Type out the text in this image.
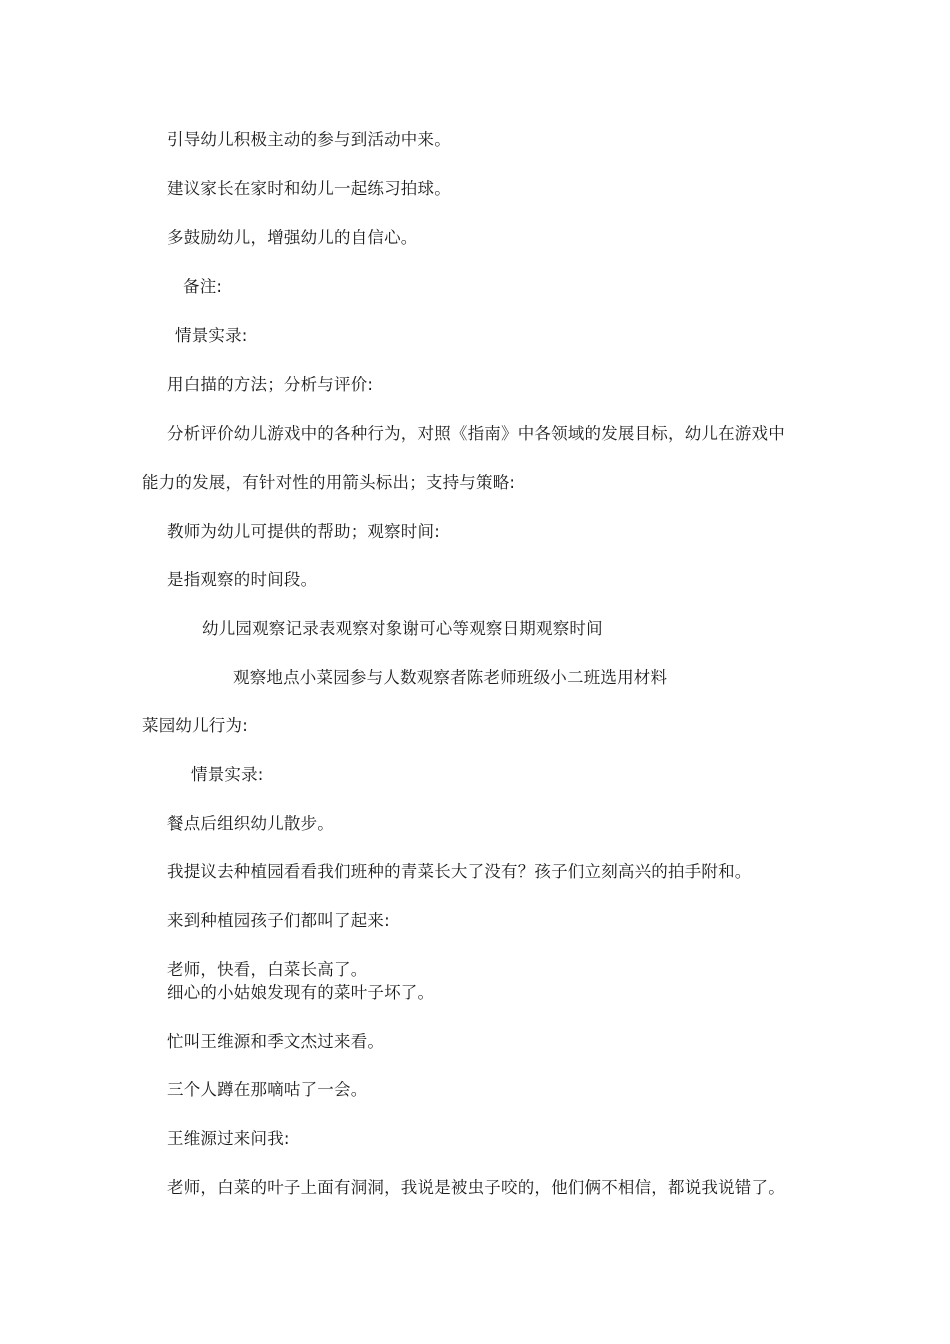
引导幼儿积极主动的参与到活动中来。
建议家长在家时和幼儿一起练习拍球。
多鼓励幼儿，增强幼儿的自信心。
备注:
情景实录:
用白描的方法；分析与评价:
分析评价幼儿游戏中的各种行为，对照《指南》中各领域的发展目标，幼儿在游戏中
能力的发展，有针对性的用箭头标出；支持与策略:
教师为幼儿可提供的帮助；观察时间:
是指观察的时间段。
幼儿园观察记录表观察对象谢可心等观察日期观察时间
观察地点小菜园参与人数观察者陈老师班级小二班选用材料
菜园幼儿行为:
情景实录:
餐点后组织幼儿散步。
我提议去种植园看看我们班种的青菜长大了没有？孩子们立刻高兴的拍手附和。
来到种植园孩子们都叫了起来:
老师，快看，白菜长高了。
细心的小姑娘发现有的菜叶子坏了。
忙叫王维源和季文杰过来看。
三个人蹲在那嘀咕了一会。
王维源过来问我:
老师，白菜的叶子上面有洞洞，我说是被虫子咬的，他们俩不相信，都说我说错了。
